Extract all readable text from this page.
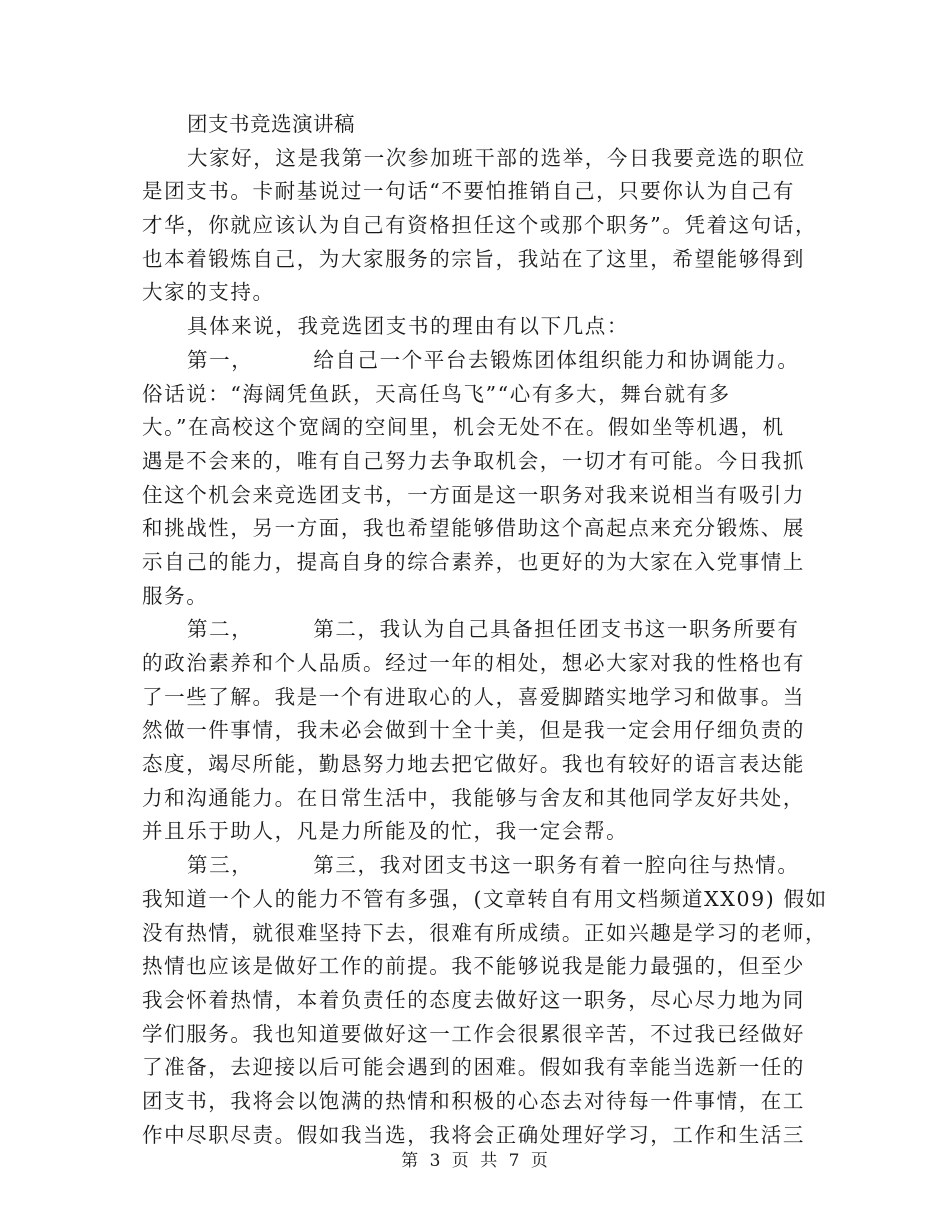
团支书竞选演讲稿
大家好，这是我第一次参加班干部的选举，今日我要竞选的职位
是团支书。卡耐基说过一句话“不要怕推销自己，只要你认为自己有
才华，你就应该认为自己有资格担任这个或那个职务”。凭着这句话，
也本着锻炼自己，为大家服务的宗旨，我站在了这里，希望能够得到
大家的支持。
具体来说，我竞选团支书的理由有以下几点：
第一，	给自己一个平台去锻炼团体组织能力和协调能力。
俗话说：“海阔凭鱼跃，天高任鸟飞”“心有多大，舞台就有多
大。”在高校这个宽阔的空间里，机会无处不在。假如坐等机遇，机
遇是不会来的，唯有自己努力去争取机会，一切才有可能。今日我抓
住这个机会来竞选团支书，一方面是这一职务对我来说相当有吸引力
和挑战性，另一方面，我也希望能够借助这个高起点来充分锻炼、展
示自己的能力，提高自身的综合素养，也更好的为大家在入党事情上
服务。
第二，	第二，我认为自己具备担任团支书这一职务所要有
的政治素养和个人品质。经过一年的相处，想必大家对我的性格也有
了一些了解。我是一个有进取心的人，喜爱脚踏实地学习和做事。当
然做一件事情，我未必会做到十全十美，但是我一定会用仔细负责的
态度，竭尽所能，勤恳努力地去把它做好。我也有较好的语言表达能
力和沟通能力。在日常生活中，我能够与舍友和其他同学友好共处，
并且乐于助人，凡是力所能及的忙，我一定会帮。
第三，	第三，我对团支书这一职务有着一腔向往与热情。
我知道一个人的能力不管有多强，(文章转自有用文档频道XX09) 假如
没有热情，就很难坚持下去，很难有所成绩。正如兴趣是学习的老师，
热情也应该是做好工作的前提。我不能够说我是能力最强的，但至少
我会怀着热情，本着负责任的态度去做好这一职务，尽心尽力地为同
学们服务。我也知道要做好这一工作会很累很辛苦，不过我已经做好
了准备，去迎接以后可能会遇到的困难。假如我有幸能当选新一任的
团支书，我将会以饱满的热情和积极的心态去对待每一件事情，在工
作中尽职尽责。假如我当选，我将会正确处理好学习，工作和生活三
第 3 页 共 7 页
